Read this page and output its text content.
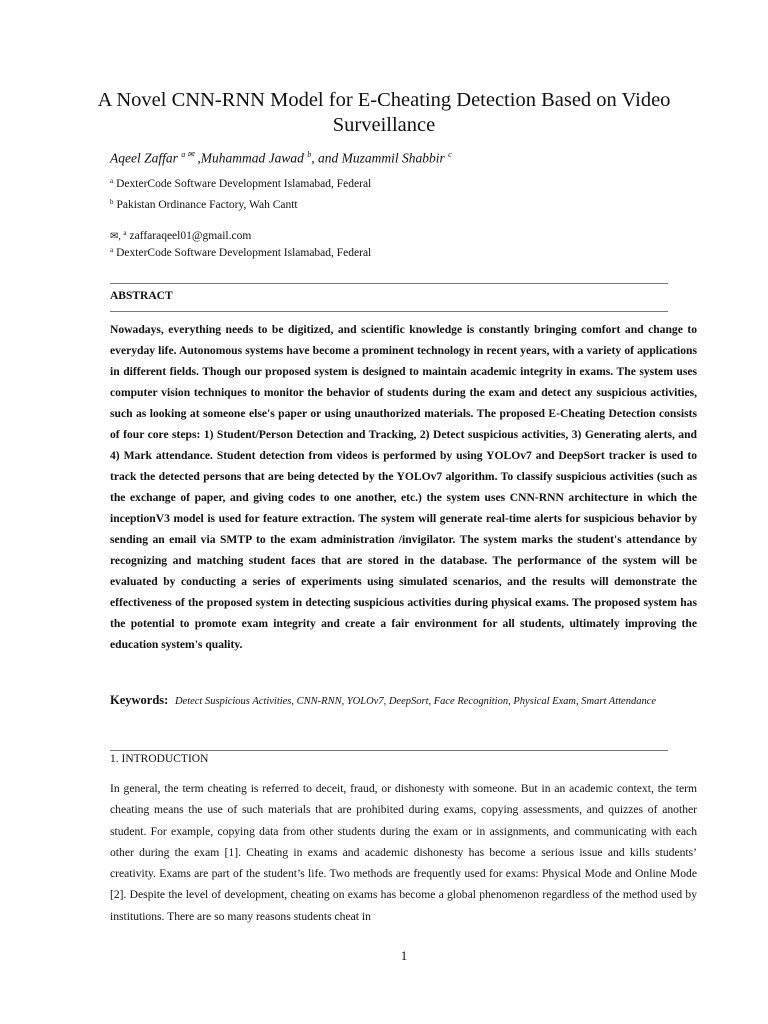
A Novel CNN-RNN Model for E-Cheating Detection Based on Video Surveillance
Aqeel Zaffar $^{a ✉}$ ,Muhammad Jawad $^b$, and Muzammil Shabbir $^c$
$^a$ DexterCode Software Development Islamabad, Federal
$^b$ Pakistan Ordinance Factory, Wah Cantt
✉, $^a$ zaffaraqeel01@gmail.com
$^a$ DexterCode Software Development Islamabad, Federal
ABSTRACT
Nowadays, everything needs to be digitized, and scientific knowledge is constantly bringing comfort and change to everyday life. Autonomous systems have become a prominent technology in recent years, with a variety of applications in different fields. Though our proposed system is designed to maintain academic integrity in exams. The system uses computer vision techniques to monitor the behavior of students during the exam and detect any suspicious activities, such as looking at someone else's paper or using unauthorized materials. The proposed E-Cheating Detection consists of four core steps: 1) Student/Person Detection and Tracking, 2) Detect suspicious activities, 3) Generating alerts, and 4) Mark attendance. Student detection from videos is performed by using YOLOv7 and DeepSort tracker is used to track the detected persons that are being detected by the YOLOv7 algorithm. To classify suspicious activities (such as the exchange of paper, and giving codes to one another, etc.) the system uses CNN-RNN architecture in which the inceptionV3 model is used for feature extraction. The system will generate real-time alerts for suspicious behavior by sending an email via SMTP to the exam administration /invigilator. The system marks the student's attendance by recognizing and matching student faces that are stored in the database. The performance of the system will be evaluated by conducting a series of experiments using simulated scenarios, and the results will demonstrate the effectiveness of the proposed system in detecting suspicious activities during physical exams. The proposed system has the potential to promote exam integrity and create a fair environment for all students, ultimately improving the education system's quality.
Keywords: Detect Suspicious Activities, CNN-RNN, YOLOv7, DeepSort, Face Recognition, Physical Exam, Smart Attendance
1. INTRODUCTION
In general, the term cheating is referred to deceit, fraud, or dishonesty with someone. But in an academic context, the term cheating means the use of such materials that are prohibited during exams, copying assessments, and quizzes of another student. For example, copying data from other students during the exam or in assignments, and communicating with each other during the exam [1]. Cheating in exams and academic dishonesty has become a serious issue and kills students’ creativity. Exams are part of the student’s life. Two methods are frequently used for exams: Physical Mode and Online Mode [2]. Despite the level of development, cheating on exams has become a global phenomenon regardless of the method used by institutions. There are so many reasons students cheat in
1
